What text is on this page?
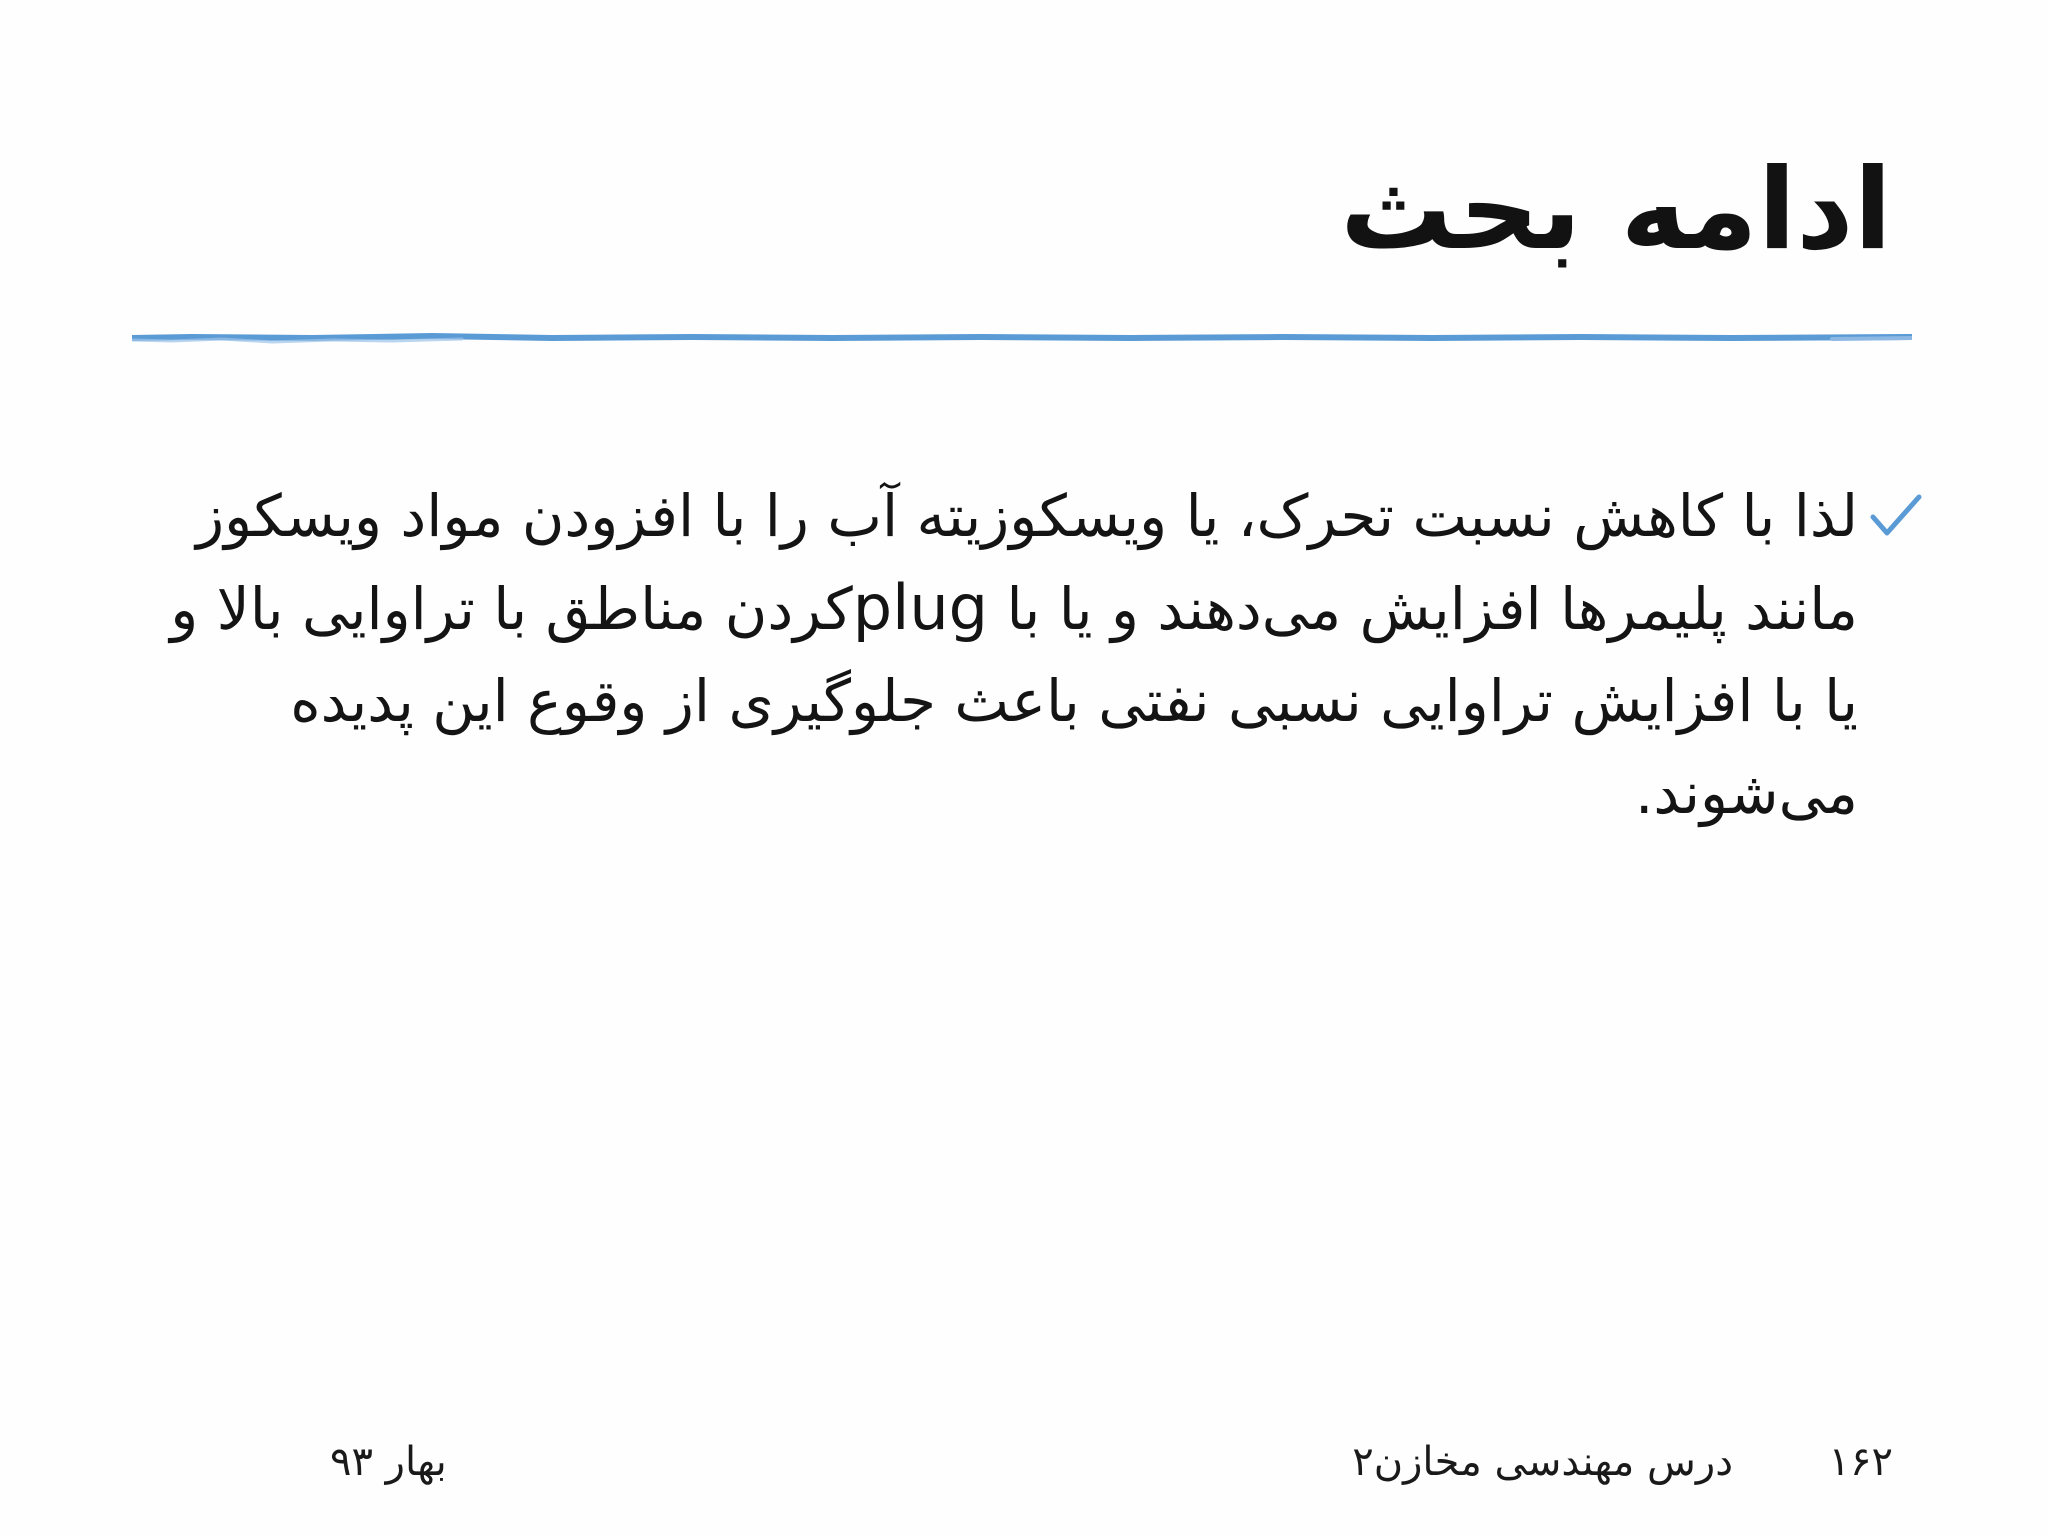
ادامه بحث
لذا با کاهش نسبت تحرک، یا ویسکوزیته آب را با افزودن مواد ویسکوز مانند پلیمرها افزایش می‌دهند و یا با plugکردن مناطق با تراوایی بالا و یا با افزایش تراوایی نسبی نفتی باعث جلوگیری از وقوع این پدیده می‌شوند.
۱۶۲
درس مهندسی مخازن۲
بهار ۹۳
